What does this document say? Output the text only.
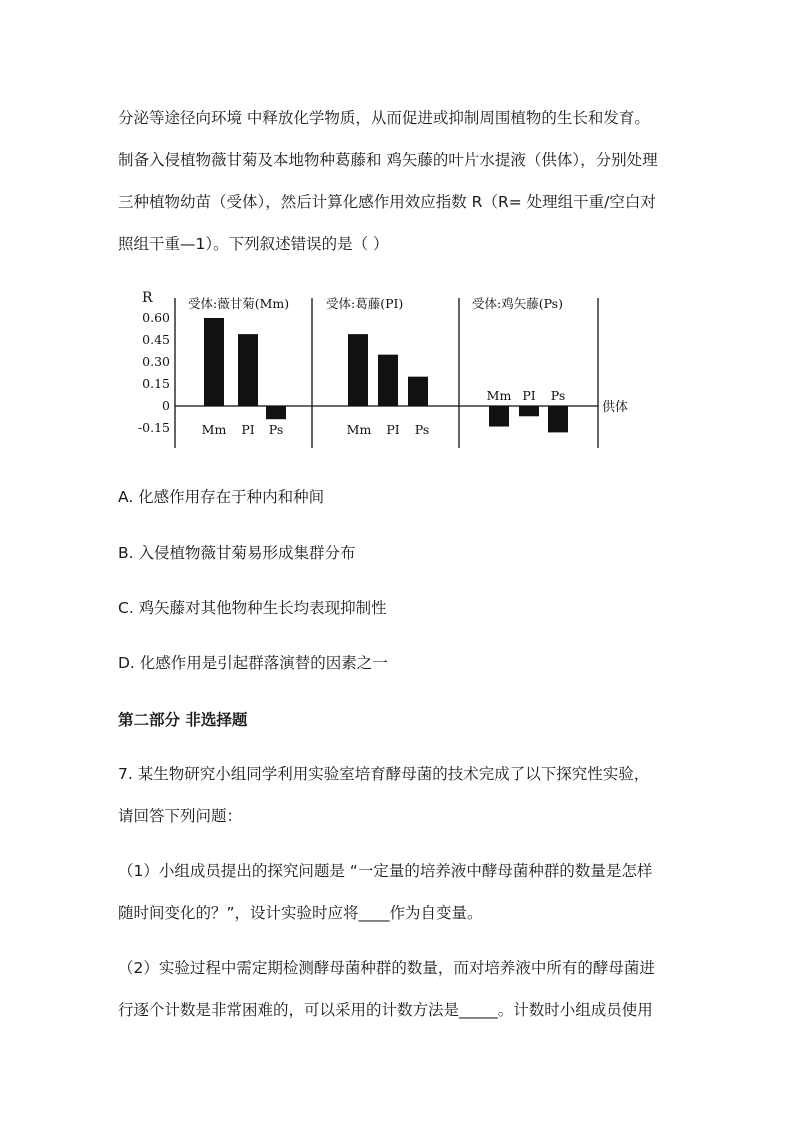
分泌等途径向环境 中释放化学物质，从而促进或抑制周围植物的生长和发育。
制备入侵植物薇甘菊及本地物种葛藤和 鸡矢藤的叶片水提液（供体），分别处理
三种植物幼苗（受体），然后计算化感作用效应指数 R（R= 处理组干重/空白对
照组干重—1）。下列叙述错误的是（ ）
R
供体
0.60
0.45
0.30
0.15
0
-0.15
受体:薇甘菊(Mm)
Mm PI Ps
受体:葛藤(PI)
Mm PI Ps
受体:鸡矢藤(Ps)
Mm PI Ps
A. 化感作用存在于种内和种间
B. 入侵植物薇甘菊易形成集群分布
C. 鸡矢藤对其他物种生长均表现抑制性
D. 化感作用是引起群落演替的因素之一
第二部分 非选择题
7. 某生物研究小组同学利用实验室培育酵母菌的技术完成了以下探究性实验，
请回答下列问题：
（1）小组成员提出的探究问题是 “一定量的培养液中酵母菌种群的数量是怎样
随时间变化的？”，设计实验时应将____作为自变量。
（2）实验过程中需定期检测酵母菌种群的数量，而对培养液中所有的酵母菌进
行逐个计数是非常困难的，可以采用的计数方法是_____。计数时小组成员使用
